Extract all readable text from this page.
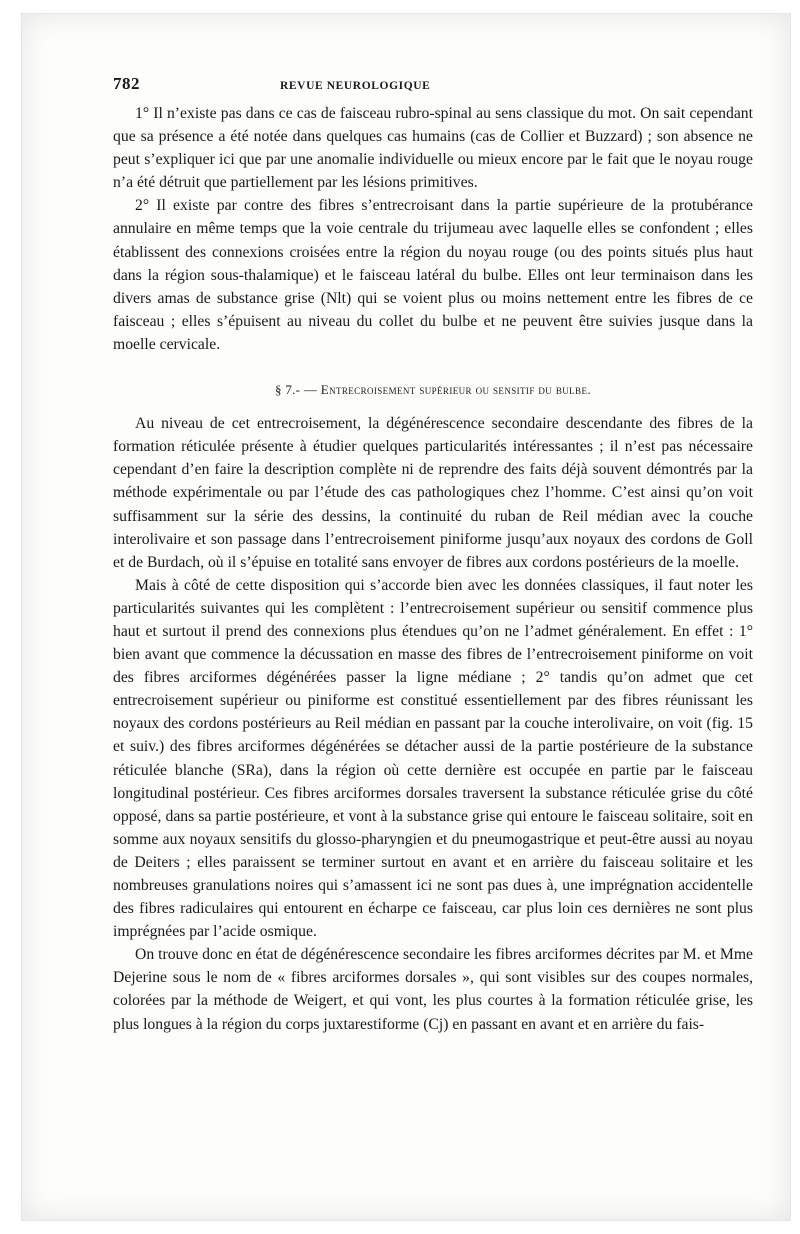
782	REVUE NEUROLOGIQUE

1° Il n’existe pas dans ce cas de faisceau rubro-spinal au sens classique du mot. On sait cependant que sa présence a été notée dans quelques cas humains (cas de Collier et Buzzard) ; son absence ne peut s’expliquer ici que par une anomalie individuelle ou mieux encore par le fait que le noyau rouge n’a été détruit que partiellement par les lésions primitives.

2° Il existe par contre des fibres s’entrecroisant dans la partie supérieure de la protubérance annulaire en même temps que la voie centrale du trijumeau avec laquelle elles se confondent ; elles établissent des connexions croisées entre la région du noyau rouge (ou des points situés plus haut dans la région sous-thalamique) et le faisceau latéral du bulbe. Elles ont leur terminaison dans les divers amas de substance grise (Nlt) qui se voient plus ou moins nettement entre les fibres de ce faisceau ; elles s’épuisent au niveau du collet du bulbe et ne peuvent être suivies jusque dans la moelle cervicale.

§ 7.- — Entrecroisement supérieur ou sensitif du bulbe.

Au niveau de cet entrecroisement, la dégénérescence secondaire descendante des fibres de la formation réticulée présente à étudier quelques particularités intéressantes ; il n’est pas nécessaire cependant d’en faire la description complète ni de reprendre des faits déjà souvent démontrés par la méthode expérimentale ou par l’étude des cas pathologiques chez l’homme. C’est ainsi qu’on voit suffisamment sur la série des dessins, la continuité du ruban de Reil médian avec la couche interolivaire et son passage dans l’entrecroisement piniforme jusqu’aux noyaux des cordons de Goll et de Burdach, où il s’épuise en totalité sans envoyer de fibres aux cordons postérieurs de la moelle.

Mais à côté de cette disposition qui s’accorde bien avec les données classiques, il faut noter les particularités suivantes qui les complètent : l’entrecroisement supérieur ou sensitif commence plus haut et surtout il prend des connexions plus étendues qu’on ne l’admet généralement. En effet : 1° bien avant que commence la décussation en masse des fibres de l’entrecroisement piniforme on voit des fibres arciformes dégénérées passer la ligne médiane ; 2° tandis qu’on admet que cet entrecroisement supérieur ou piniforme est constitué essentiellement par des fibres réunissant les noyaux des cordons postérieurs au Reil médian en passant par la couche interolivaire, on voit (fig. 15 et suiv.) des fibres arciformes dégénérées se détacher aussi de la partie postérieure de la substance réticulée blanche (SRa), dans la région où cette dernière est occupée en partie par le faisceau longitudinal postérieur. Ces fibres arciformes dorsales traversent la substance réticulée grise du côté opposé, dans sa partie postérieure, et vont à la substance grise qui entoure le faisceau solitaire, soit en somme aux noyaux sensitifs du glosso-pharyngien et du pneumogastrique et peut-être aussi au noyau de Deiters ; elles paraissent se terminer surtout en avant et en arrière du faisceau solitaire et les nombreuses granulations noires qui s’amassent ici ne sont pas dues à, une imprégnation accidentelle des fibres radiculaires qui entourent en écharpe ce faisceau, car plus loin ces dernières ne sont plus imprégnées par l’acide osmique.

On trouve donc en état de dégénérescence secondaire les fibres arciformes décrites par M. et Mme Dejerine sous le nom de « fibres arciformes dorsales », qui sont visibles sur des coupes normales, colorées par la méthode de Weigert, et qui vont, les plus courtes à la formation réticulée grise, les plus longues à la région du corps juxtarestiforme (Cj) en passant en avant et en arrière du fais-
